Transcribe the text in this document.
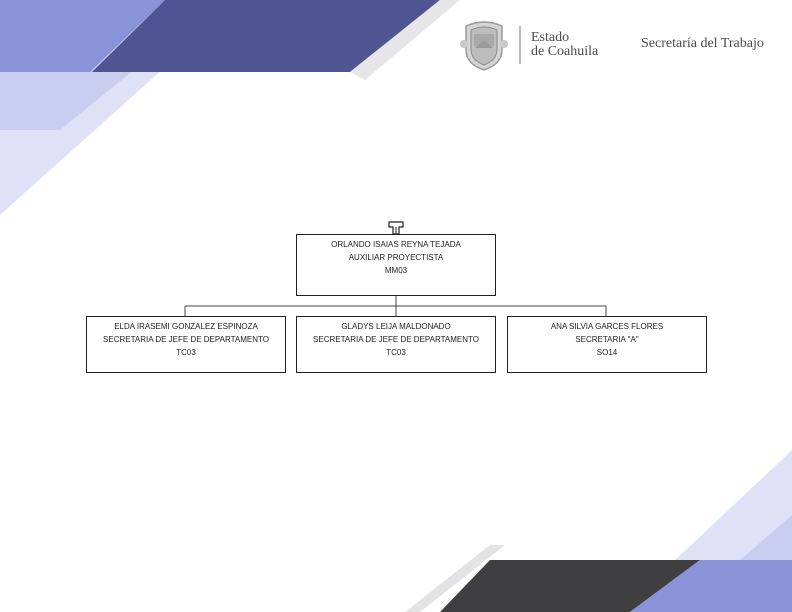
Estado
de Coahuila
Secretaría del Trabajo
ORLANDO ISAIAS REYNA TEJADA
AUXILIAR PROYECTISTA
MM03
ELDA IRASEMI GONZALEZ ESPINOZA
SECRETARIA DE JEFE DE DEPARTAMENTO
TC03
GLADYS LEIJA MALDONADO
SECRETARIA DE JEFE DE DEPARTAMENTO
TC03
ANA SILVIA GARCES FLORES
SECRETARIA "A"
SO14
